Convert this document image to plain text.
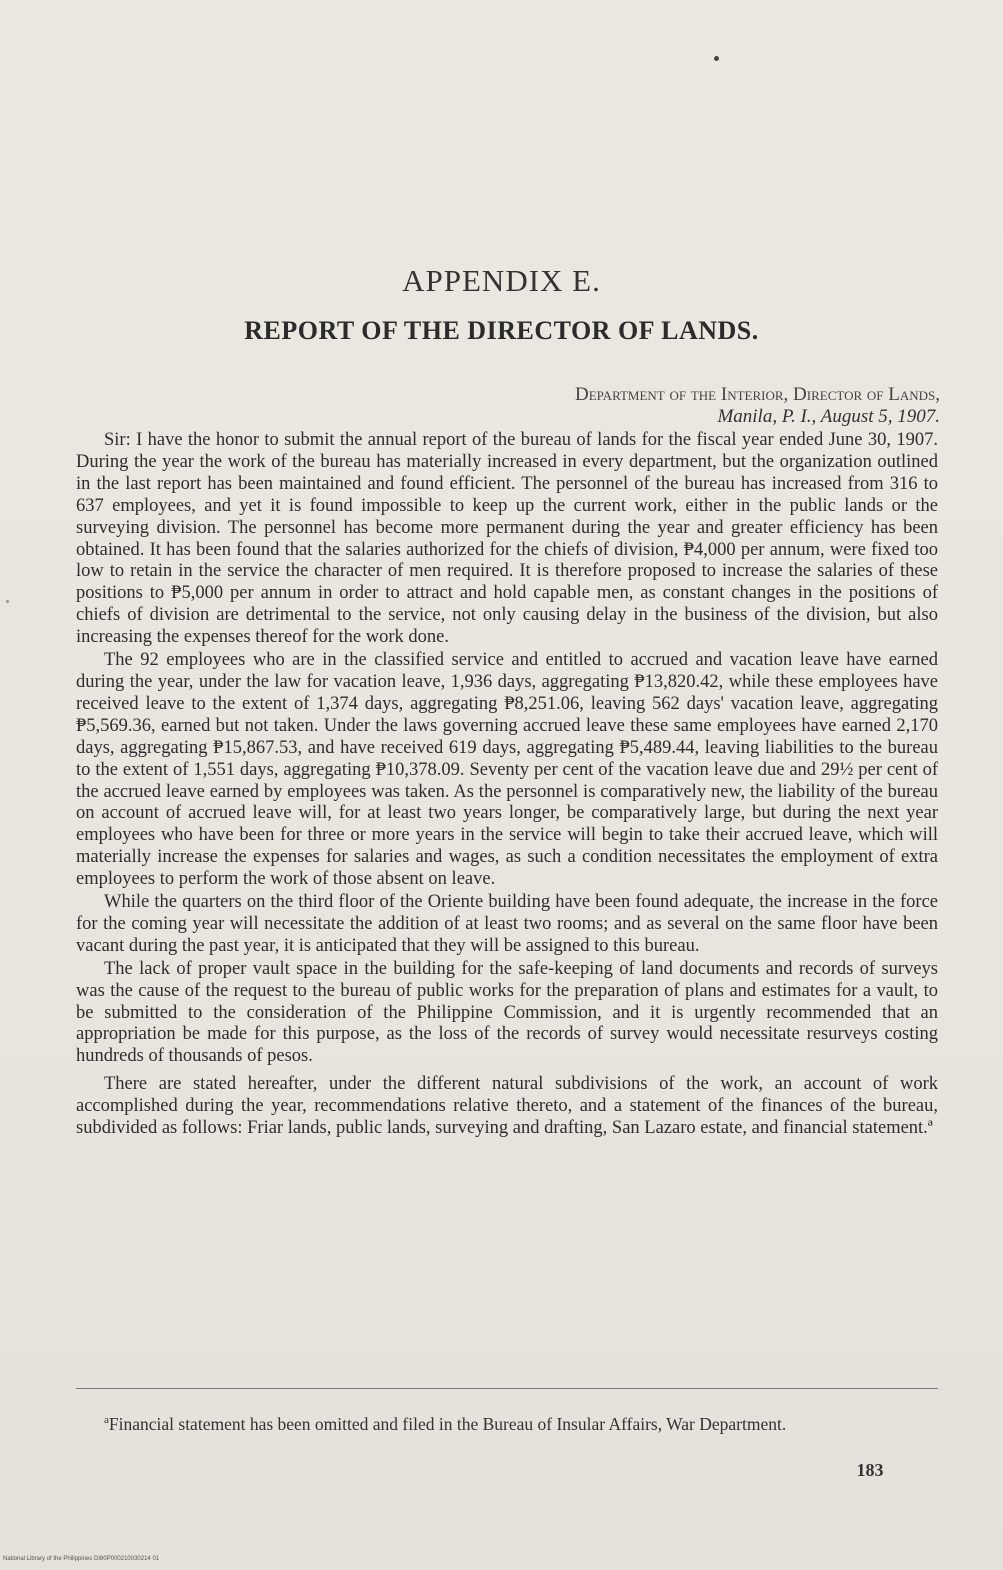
APPENDIX E.
REPORT OF THE DIRECTOR OF LANDS.
Department of the Interior, Director of Lands,
Manila, P. I., August 5, 1907.

Sir: I have the honor to submit the annual report of the bureau of lands for the fiscal year ended June 30, 1907. During the year the work of the bureau has materially increased in every department, but the organization outlined in the last report has been maintained and found efficient. The personnel of the bureau has increased from 316 to 637 employees, and yet it is found impossible to keep up the current work, either in the public lands or the surveying division. The personnel has become more permanent during the year and greater efficiency has been obtained. It has been found that the salaries authorized for the chiefs of division, ₱4,000 per annum, were fixed too low to retain in the service the character of men required. It is therefore proposed to increase the salaries of these positions to ₱5,000 per annum in order to attract and hold capable men, as constant changes in the positions of chiefs of division are detrimental to the service, not only causing delay in the business of the division, but also increasing the expenses thereof for the work done.

The 92 employees who are in the classified service and entitled to accrued and vacation leave have earned during the year, under the law for vacation leave, 1,936 days, aggregating ₱13,820.42, while these employees have received leave to the extent of 1,374 days, aggregating ₱8,251.06, leaving 562 days' vacation leave, aggregating ₱5,569.36, earned but not taken. Under the laws governing accrued leave these same employees have earned 2,170 days, aggregating ₱15,867.53, and have received 619 days, aggregating ₱5,489.44, leaving liabilities to the bureau to the extent of 1,551 days, aggregating ₱10,378.09. Seventy per cent of the vacation leave due and 29½ per cent of the accrued leave earned by employees was taken. As the personnel is comparatively new, the liability of the bureau on account of accrued leave will, for at least two years longer, be comparatively large, but during the next year employees who have been for three or more years in the service will begin to take their accrued leave, which will materially increase the expenses for salaries and wages, as such a condition necessitates the employment of extra employees to perform the work of those absent on leave.

While the quarters on the third floor of the Oriente building have been found adequate, the increase in the force for the coming year will necessitate the addition of at least two rooms; and as several on the same floor have been vacant during the past year, it is anticipated that they will be assigned to this bureau.

The lack of proper vault space in the building for the safe-keeping of land documents and records of surveys was the cause of the request to the bureau of public works for the preparation of plans and estimates for a vault, to be submitted to the consideration of the Philippine Commission, and it is urgently recommended that an appropriation be made for this purpose, as the loss of the records of survey would necessitate resurveys costing hundreds of thousands of pesos.

There are stated hereafter, under the different natural subdivisions of the work, an account of work accomplished during the year, recommendations relative thereto, and a statement of the finances of the bureau, subdivided as follows: Friar lands, public lands, surveying and drafting, San Lazaro estate, and financial statement.ª

$^a$Financial statement has been omitted and filed in the Bureau of Insular Affairs, War Department.
183
National Library of the Philippines DI80P000210030214 01
